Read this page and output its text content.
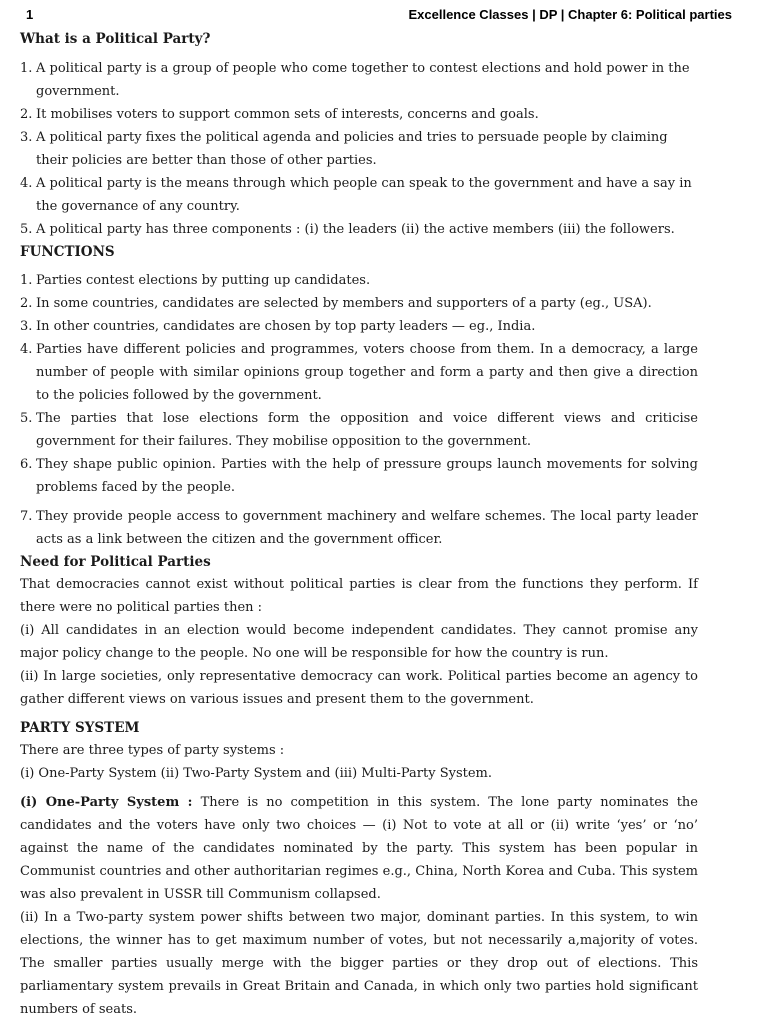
1	Excellence Classes | DP | Chapter 6: Political parties
What is a Political Party?
1. A political party is a group of people who come together to contest elections and hold power in the government.
2. It mobilises voters to support common sets of interests, concerns and goals.
3. A political party fixes the political agenda and policies and tries to persuade people by claiming their policies are better than those of other parties.
4. A political party is the means through which people can speak to the government and have a say in the governance of any country.
5. A political party has three components : (i) the leaders (ii) the active members (iii) the followers.
FUNCTIONS
1. Parties contest elections by putting up candidates.
2. In some countries, candidates are selected by members and supporters of a party (eg., USA).
3. In other countries, candidates are chosen by top party leaders — eg., India.
4. Parties have different policies and programmes, voters choose from them. In a democracy, a large number of people with similar opinions group together and form a party and then give a direction to the policies followed by the government.
5. The parties that lose elections form the opposition and voice different views and criticise government for their failures. They mobilise opposition to the government.
6. They shape public opinion. Parties with the help of pressure groups launch movements for solving problems faced by the people.
7. They provide people access to government machinery and welfare schemes. The local party leader acts as a link between the citizen and the government officer.
Need for Political Parties

That democracies cannot exist without political parties is clear from the functions they perform. If there were no political parties then :

(i) All candidates in an election would become independent candidates. They cannot promise any major policy change to the people. No one will be responsible for how the country is run.

(ii) In large societies, only representative democracy can work. Political parties become an agency to gather different views on various issues and present them to the government.

PARTY SYSTEM

There are three types of party systems :

(i) One-Party System (ii) Two-Party System and (iii) Multi-Party System.

(i) One-Party System : There is no competition in this system. The lone party nominates the candidates and the voters have only two choices — (i) Not to vote at all or (ii) write ‘yes’ or ‘no’ against the name of the candidates nominated by the party. This system has been popular in Communist countries and other authoritarian regimes e.g., China, North Korea and Cuba. This system was also prevalent in USSR till Communism collapsed.

(ii) In a Two-party system power shifts between two major, dominant parties. In this system, to win elections, the winner has to get maximum number of votes, but not necessarily a,majority of votes. The smaller parties usually merge with the bigger parties or they drop out of elections. This parliamentary system prevails in Great Britain and Canada, in which only two parties hold significant numbers of seats.
